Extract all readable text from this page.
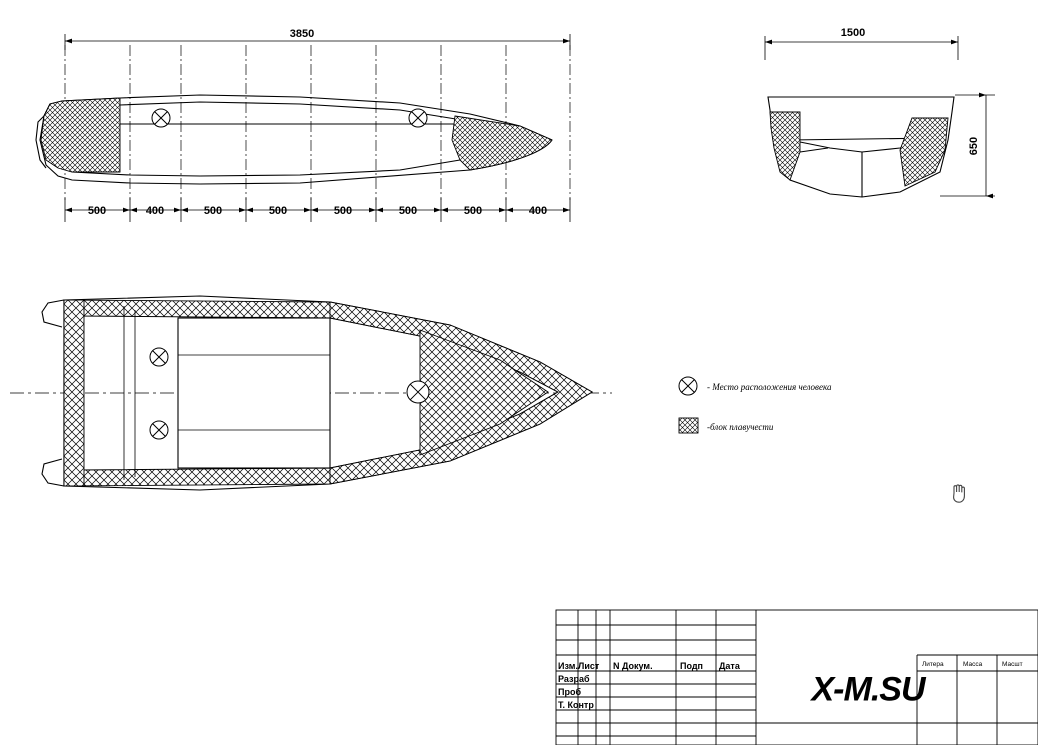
3850
500	400	500	500	500	500	500	400
1500
650
- Место расположения человека
-блок плавучести
Изм. Лист N Докум.	Подп Дата
Разраб
Проб
Т. Контр
Литера	Масса	Масшт
X-M.SU
